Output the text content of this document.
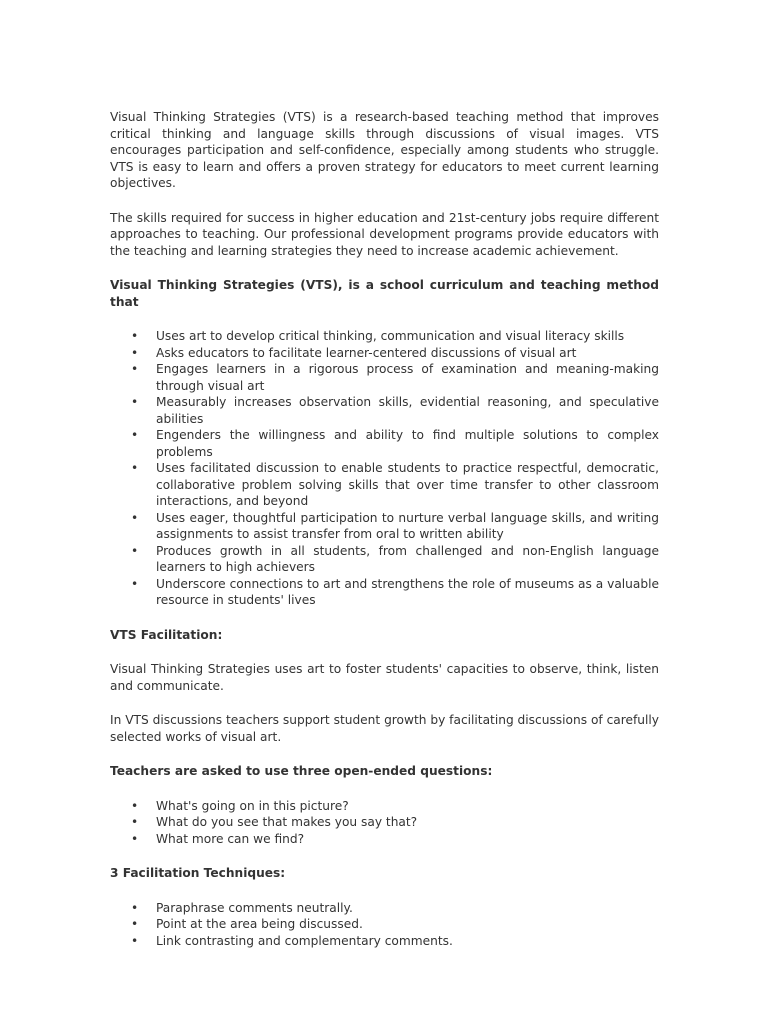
Visual Thinking Strategies (VTS) is a research-based teaching method that improves critical thinking and language skills through discussions of visual images. VTS encourages participation and self-confidence, especially among students who struggle. VTS is easy to learn and offers a proven strategy for educators to meet current learning objectives.

The skills required for success in higher education and 21st-century jobs require different approaches to teaching. Our professional development programs provide educators with the teaching and learning strategies they need to increase academic achievement.

Visual Thinking Strategies (VTS), is a school curriculum and teaching method that

• Uses art to develop critical thinking, communication and visual literacy skills
• Asks educators to facilitate learner-centered discussions of visual art
• Engages learners in a rigorous process of examination and meaning-making through visual art
• Measurably increases observation skills, evidential reasoning, and speculative abilities
• Engenders the willingness and ability to find multiple solutions to complex problems
• Uses facilitated discussion to enable students to practice respectful, democratic, collaborative problem solving skills that over time transfer to other classroom interactions, and beyond
• Uses eager, thoughtful participation to nurture verbal language skills, and writing assignments to assist transfer from oral to written ability
• Produces growth in all students, from challenged and non-English language learners to high achievers
• Underscore connections to art and strengthens the role of museums as a valuable resource in students' lives

VTS Facilitation:

Visual Thinking Strategies uses art to foster students' capacities to observe, think, listen and communicate.

In VTS discussions teachers support student growth by facilitating discussions of carefully selected works of visual art.

Teachers are asked to use three open-ended questions:

• What's going on in this picture?
• What do you see that makes you say that?
• What more can we find?

3 Facilitation Techniques:

• Paraphrase comments neutrally.
• Point at the area being discussed.
• Link contrasting and complementary comments.
